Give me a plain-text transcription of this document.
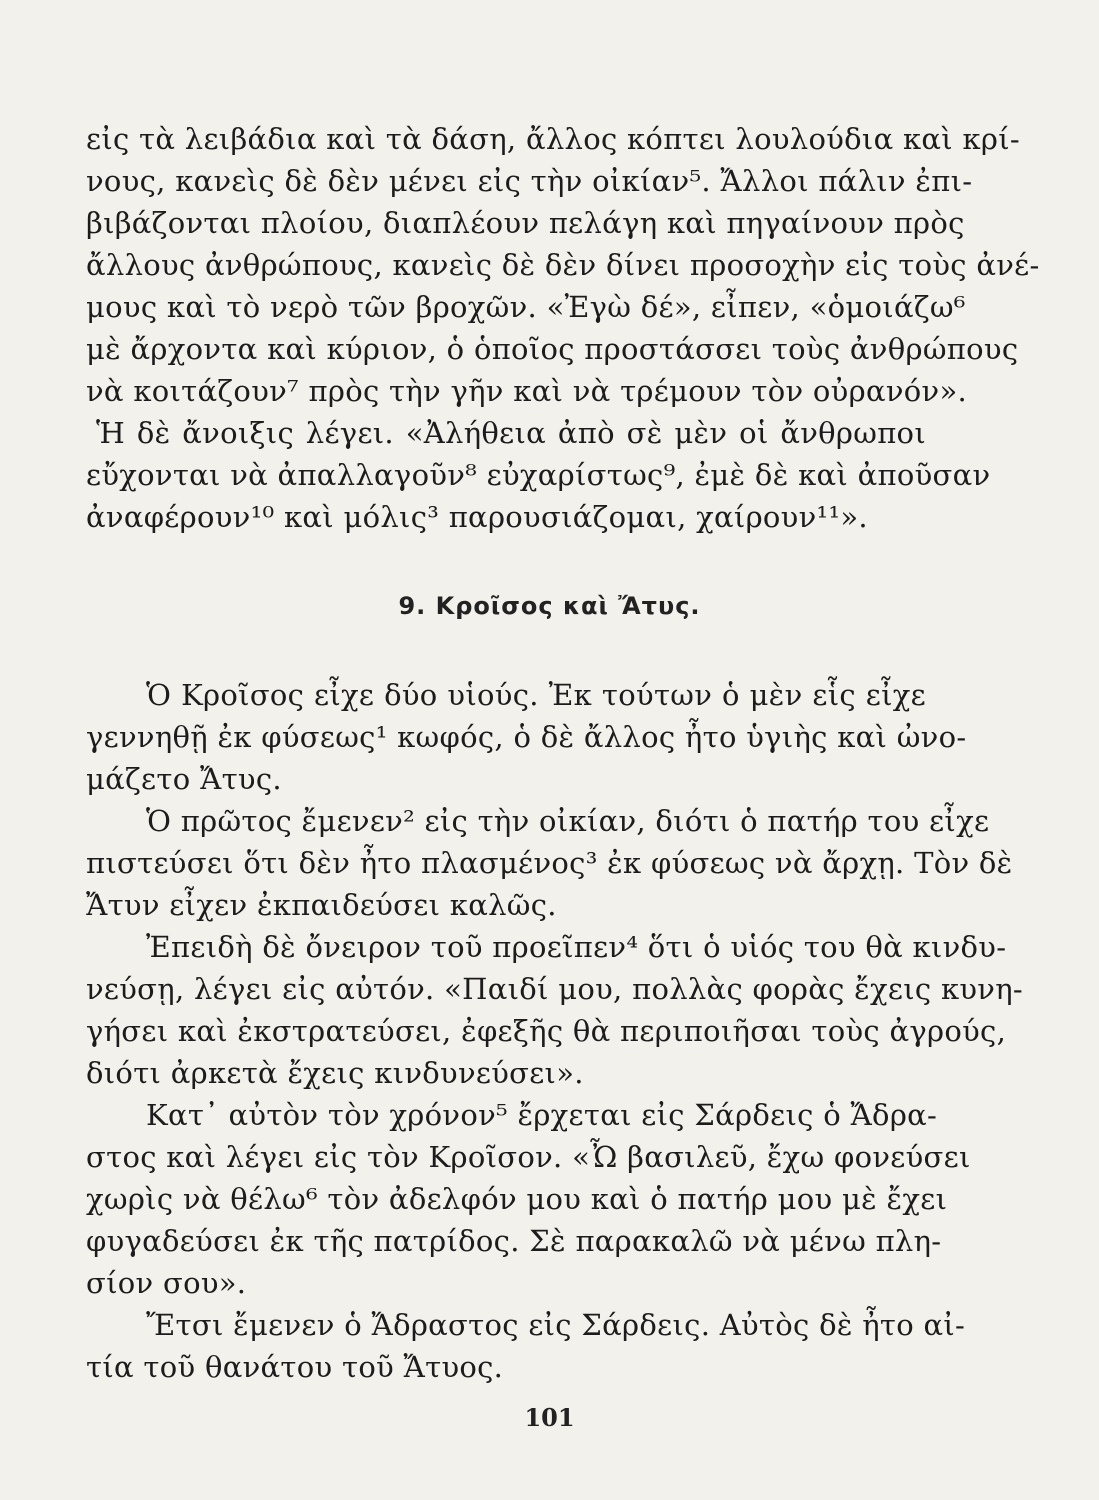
εἰς τὰ λειβάδια καὶ τὰ δάση, ἄλλος κόπτει λουλούδια καὶ κρί-
νους, κανεὶς δὲ δὲν μένει εἰς τὴν οἰκίαν⁵. Ἄλλοι πάλιν ἐπι-
βιβάζονται πλοίου, διαπλέουν πελάγη καὶ πηγαίνουν πρὸς
ἄλλους ἀνθρώπους, κανεὶς δὲ δὲν δίνει προσοχὴν εἰς τοὺς ἀνέ-
μους καὶ τὸ νερὸ τῶν βροχῶν. «Ἐγὼ δέ», εἶπεν, «ὁμοιάζω⁶
μὲ ἄρχοντα καὶ κύριον, ὁ ὁποῖος προστάσσει τοὺς ἀνθρώπους
νὰ κοιτάζουν⁷ πρὸς τὴν γῆν καὶ νὰ τρέμουν τὸν οὐρανόν».
Ἡ δὲ ἄνοιξις λέγει. «Ἀλήθεια ἀπὸ σὲ μὲν οἱ ἄνθρωποι
εὔχονται νὰ ἀπαλλαγοῦν⁸ εὐχαρίστως⁹, ἐμὲ δὲ καὶ ἀποῦσαν
ἀναφέρουν¹⁰ καὶ μόλις³ παρουσιάζομαι, χαίρουν¹¹».
9. Κροῖσος καὶ Ἄτυς.
Ὁ Κροῖσος εἶχε δύο υἱούς. Ἐκ τούτων ὁ μὲν εἷς εἶχε
γεννηθῇ ἐκ φύσεως¹ κωφός, ὁ δὲ ἄλλος ἦτο ὑγιὴς καὶ ὠνο-
μάζετο Ἄτυς.
Ὁ πρῶτος ἔμενεν² εἰς τὴν οἰκίαν, διότι ὁ πατήρ του εἶχε
πιστεύσει ὅτι δὲν ἦτο πλασμένος³ ἐκ φύσεως νὰ ἄρχῃ. Τὸν δὲ
Ἄτυν εἶχεν ἐκπαιδεύσει καλῶς.
Ἐπειδὴ δὲ ὄνειρον τοῦ προεῖπεν⁴ ὅτι ὁ υἱός του θὰ κινδυ-
νεύσῃ, λέγει εἰς αὐτόν. «Παιδί μου, πολλὰς φορὰς ἔχεις κυνη-
γήσει καὶ ἐκστρατεύσει, ἐφεξῆς θὰ περιποιῆσαι τοὺς ἀγρούς,
διότι ἀρκετὰ ἔχεις κινδυνεύσει».
Κατ᾿ αὐτὸν τὸν χρόνον⁵ ἔρχεται εἰς Σάρδεις ὁ Ἄδρα-
στος καὶ λέγει εἰς τὸν Κροῖσον. «Ὦ βασιλεῦ, ἔχω φονεύσει
χωρὶς νὰ θέλω⁶ τὸν ἀδελφόν μου καὶ ὁ πατήρ μου μὲ ἔχει
φυγαδεύσει ἐκ τῆς πατρίδος. Σὲ παρακαλῶ νὰ μένω πλη-
σίον σου».
Ἔτσι ἔμενεν ὁ Ἄδραστος εἰς Σάρδεις. Αὐτὸς δὲ ἦτο αἰ-
τία τοῦ θανάτου τοῦ Ἄτυος.
101
